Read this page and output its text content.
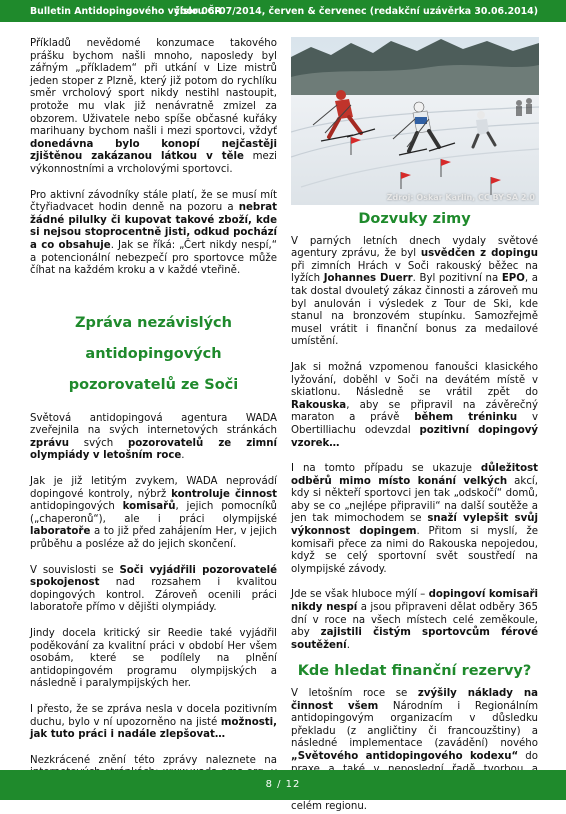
Bulletin Antidopingového výboru ČR
číslo 06–07/2014, červen & červenec (redakční uzávěrka 30.06.2014)
Zdroj: Oskar Karlin, CC BY-SA 2.0

Příkladů nevědomé konzumace takového prášku bychom našli mnoho, naposledy byl zářným „příkladem“ při utkání v Lize mistrů jeden stoper z Plzně, který již potom do rychlíku směr vrcholový sport nikdy nestihl nastoupit, protože mu vlak již nenávratně zmizel za obzorem. Uživatele nebo spíše občasné kuřáky marihuany bychom našli i mezi sportovci, vždyť donedávna bylo konopí nejčastěji zjištěnou zakázanou látkou v těle mezi výkonnostními a vrcholovými sportovci.

Pro aktivní závodníky stále platí, že se musí mít čtyřiadvacet hodin denně na pozoru a nebrat žádné pilulky či kupovat takové zboží, kde si nejsou stoprocentně jisti, odkud pochází a co obsahuje. Jak se říká: „Čert nikdy nespí,“ a potencionální nebezpečí pro sportovce může číhat na každém kroku a v každé vteřině.

Zpráva nezávislých antidopingových
pozorovatelů ze Soči

Světová antidopingová agentura WADA zveřejnila na svých internetových stránkách zprávu svých pozorovatelů ze zimní olympiády v letošním roce.

Jak je již letitým zvykem, WADA neprovádí dopingové kontroly, nýbrž kontroluje činnost antidopingových komisařů, jejich pomocníků („chaperonů“), ale i práci olympijské laboratoře a to již před zahájením Her, v jejich průběhu a posléze až do jejich skončení.

V souvislosti se Soči vyjádřili pozorovatelé spokojenost nad rozsahem i kvalitou dopingových kontrol. Zároveň ocenili práci laboratoře přímo v dějišti olympiády.

Jindy docela kritický sir Reedie také vyjádřil poděkování za kvalitní práci v období Her všem osobám, které se podílely na plnění antidopingovém programu olympijských a následně i paralympijských her.

I přesto, že se zpráva nesla v docela pozitivním duchu, bylo v ní upozorněno na jisté možnosti, jak tuto práci i nadále zlepšovat…

Nezkrácené znění této zprávy naleznete na

Dozvuky zimy

V parných letních dnech vydaly světové agentury zprávu, že byl usvědčen z dopingu při zimních Hrách v Soči rakouský běžec na lyžích Johannes Duerr. Byl pozitivní na EPO, a tak dostal dvouletý zákaz činnosti a zároveň mu byl anulován i výsledek z Tour de Ski, kde stanul na bronzovém stupínku. Samozřejmě musel vrátit i finanční bonus za medailové umístění.

Jak si možná vzpomenou fanoušci klasického lyžování, doběhl v Soči na devátém místě v skiatlonu. Následně se vrátil zpět do Rakouska, aby se připravil na závěrečný maraton a právě během tréninku v Obertilliachu odevzdal pozitivní dopingový vzorek…

I na tomto případu se ukazuje důležitost odběrů mimo místo konání velkých akcí, kdy si někteří sportovci jen tak „odskočí“ domů, aby se co „nejlépe připravili“ na další soutěže a jen tak mimochodem se snaží vylepšit svůj výkonnost dopingem. Přitom si myslí, že komisaři přece za nimi do Rakouska nepojedou, když se celý sportovní svět soustředí na olympijské závody.

Jde se však hluboce mýlí – dopingoví komisaři nikdy nespí a jsou připraveni dělat odběry 365 dní v roce na všech místech celé zeměkoule, aby zajistili čistým sportovcům férové soutěžení.

Kde hledat finanční rezervy?

V letošním roce se zvýšily náklady na činnost všem Národním i Regionálním antidopingovým organizacím v důsledku překladu (z angličtiny či francouzštiny) a následné implementace (zavádění) nového „Světového antidopingového kodexu“ do celém regionu.

8 / 12
